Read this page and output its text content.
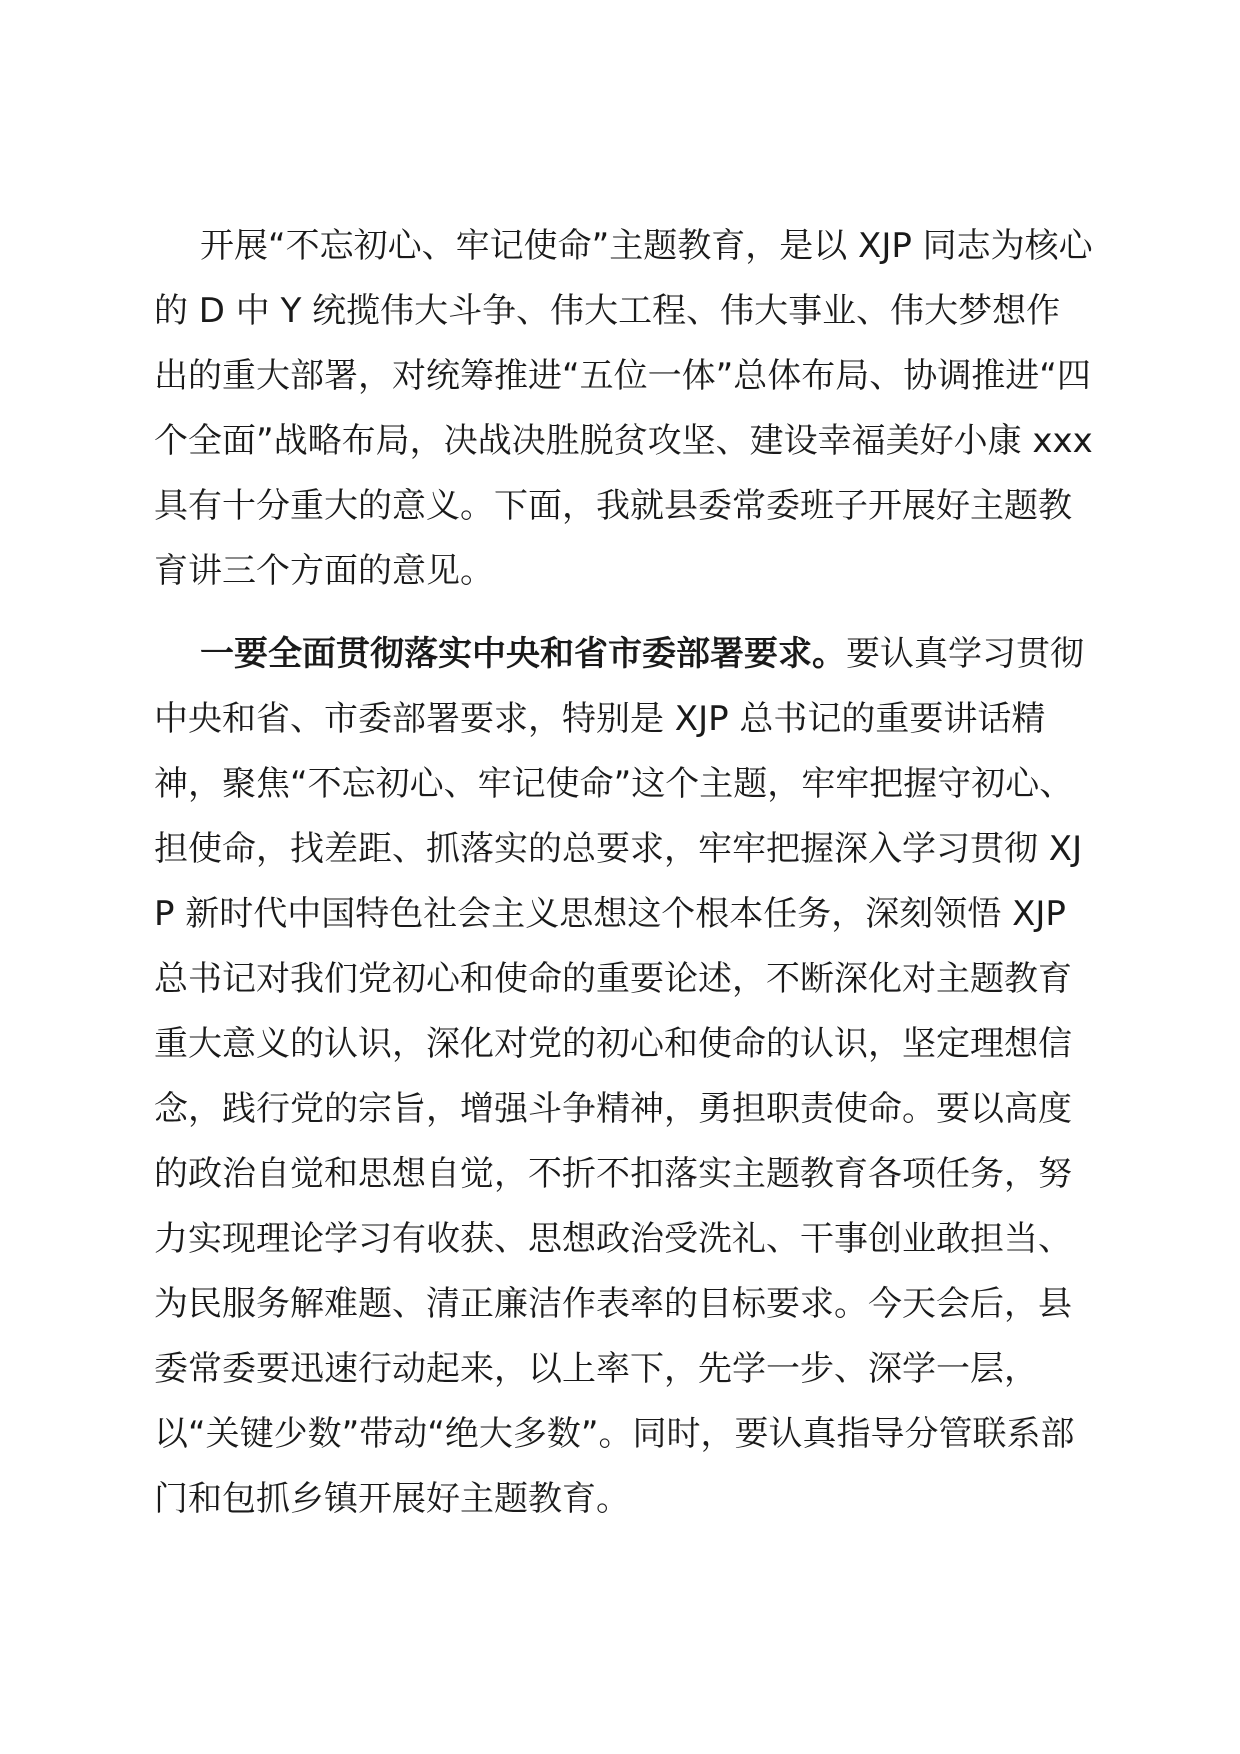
开展“不忘初心、牢记使命”主题教育，是以 XJP 同志为核心的 D 中 Y 统揽伟大斗争、伟大工程、伟大事业、伟大梦想作出的重大部署，对统筹推进“五位一体”总体布局、协调推进“四个全面”战略布局，决战决胜脱贫攻坚、建设幸福美好小康 xxx 具有十分重大的意义。下面，我就县委常委班子开展好主题教育讲三个方面的意见。

一要全面贯彻落实中央和省市委部署要求。要认真学习贯彻中央和省、市委部署要求，特别是 XJP 总书记的重要讲话精神，聚焦“不忘初心、牢记使命”这个主题，牢牢把握守初心、担使命，找差距、抓落实的总要求，牢牢把握深入学习贯彻 XJP 新时代中国特色社会主义思想这个根本任务，深刻领悟 XJP 总书记对我们党初心和使命的重要论述，不断深化对主题教育重大意义的认识，深化对党的初心和使命的认识，坚定理想信念，践行党的宗旨，增强斗争精神，勇担职责使命。要以高度的政治自觉和思想自觉，不折不扣落实主题教育各项任务，努力实现理论学习有收获、思想政治受洗礼、干事创业敢担当、为民服务解难题、清正廉洁作表率的目标要求。今天会后，县委常委要迅速行动起来，以上率下，先学一步、深学一层，以“关键少数”带动“绝大多数”。同时，要认真指导分管联系部门和包抓乡镇开展好主题教育。
